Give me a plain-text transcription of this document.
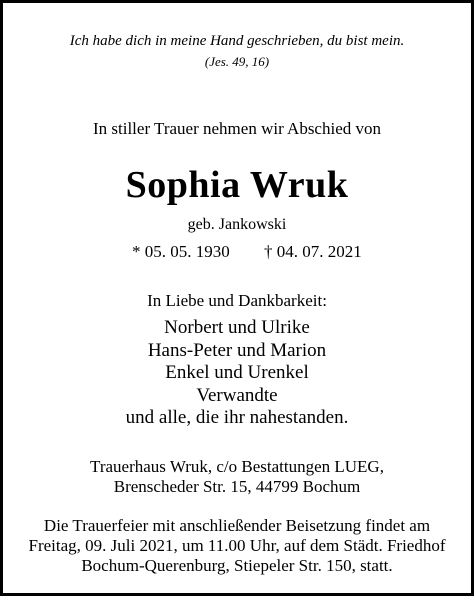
Ich habe dich in meine Hand geschrieben, du bist mein.
(Jes. 49, 16)
In stiller Trauer nehmen wir Abschied von
Sophia Wruk
geb. Jankowski
* 05. 05. 1930 † 04. 07. 2021
In Liebe und Dankbarkeit:
Norbert und Ulrike
Hans-Peter und Marion
Enkel und Urenkel
Verwandte
und alle, die ihr nahestanden.
Trauerhaus Wruk, c/o Bestattungen LUEG,
Brenscheder Str. 15, 44799 Bochum
Die Trauerfeier mit anschließender Beisetzung findet am
Freitag, 09. Juli 2021, um 11.00 Uhr, auf dem Städt. Friedhof
Bochum-Querenburg, Stiepeler Str. 150, statt.
